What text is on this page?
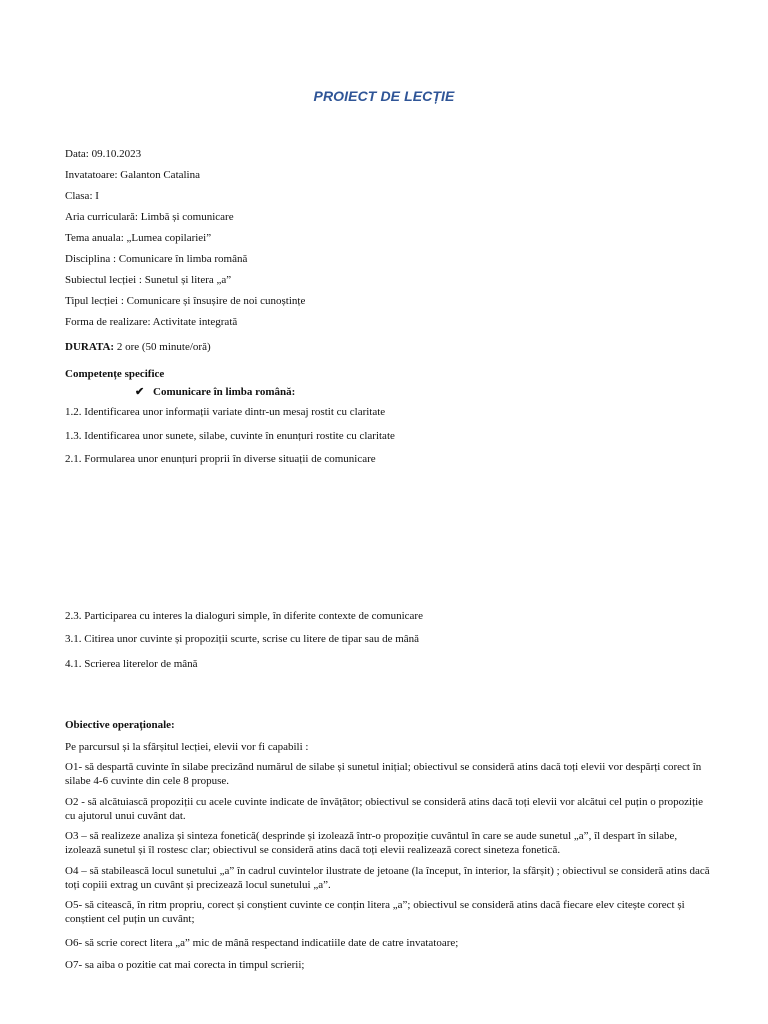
PROIECT DE LECȚIE
Data: 09.10.2023
Invatatoare: Galanton Catalina
Clasa: I
Aria curriculară: Limbă și comunicare
Tema anuala: „Lumea copilariei”
Disciplina : Comunicare în limba română
Subiectul lecției : Sunetul și litera „a”
Tipul lecției : Comunicare și însușire de noi cunoștințe
Forma de realizare: Activitate integrată
DURATA: 2 ore (50 minute/oră)
Competențe specifice
✔ Comunicare în limba română:
1.2. Identificarea unor informații variate dintr-un mesaj rostit cu claritate
1.3. Identificarea unor sunete, silabe, cuvinte în enunțuri rostite cu claritate
2.1. Formularea unor enunțuri proprii în diverse situații de comunicare
2.3. Participarea cu interes la dialoguri simple, în diferite contexte de comunicare
3.1. Citirea unor cuvinte și propoziții scurte, scrise cu litere de tipar sau de mână
4.1. Scrierea literelor de mână
Obiective operaționale:
Pe parcursul și la sfârșitul lecției, elevii vor fi capabili :
O1- să despartă cuvinte în silabe precizând numărul de silabe și sunetul inițial; obiectivul se consideră atins dacă toți elevii vor despărți corect în silabe 4-6 cuvinte din cele 8 propuse.
O2 - să alcătuiască propoziții cu acele cuvinte indicate de învățător; obiectivul se consideră atins dacă toți elevii vor alcătui cel puțin o propoziție cu ajutorul unui cuvânt dat.
O3 – să realizeze analiza și sinteza fonetică( desprinde și izolează într-o propoziție cuvântul în care se aude sunetul „a”, îl despart în silabe, izolează sunetul și îl rostesc clar; obiectivul se consideră atins dacă toți elevii realizează corect sineteza fonetică.
O4 – să stabilească locul sunetului „a” în cadrul cuvintelor ilustrate de jetoane (la început, în interior, la sfârșit) ; obiectivul se consideră atins dacă toți copiii extrag un cuvânt și precizează locul sunetului „a”.
O5- să citească, în ritm propriu, corect și conștient cuvinte ce conțin litera „a”; obiectivul se consideră atins dacă fiecare elev citește corect și conștient cel puțin un cuvânt;
O6- să scrie corect litera „a” mic de mână respectand indicatiile date de catre invatatoare;
O7- sa aiba o pozitie cat mai corecta in timpul scrierii;
